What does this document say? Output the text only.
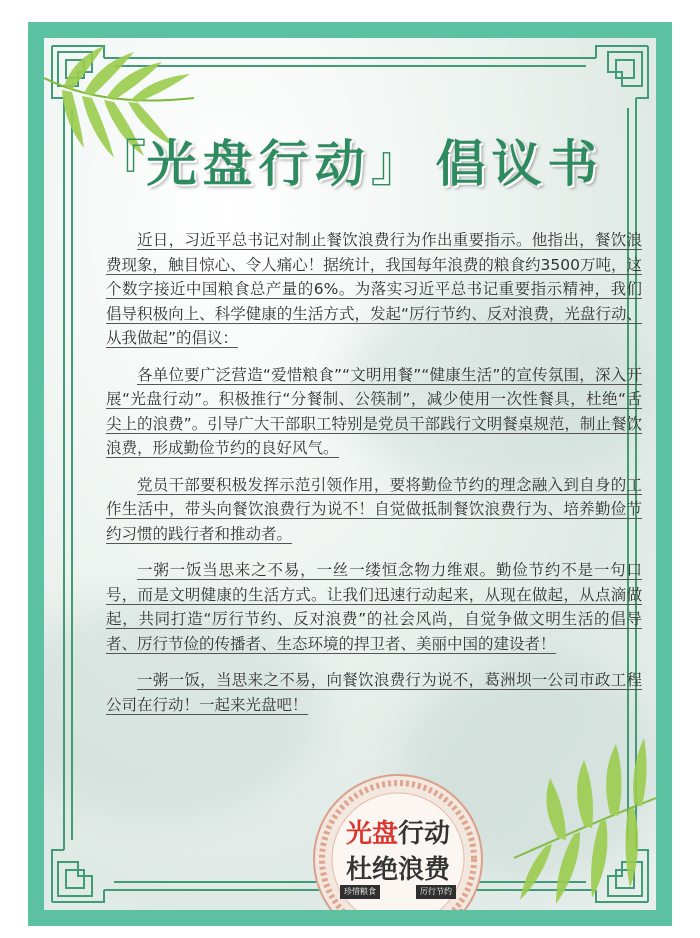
『光盘行动』 倡议书

近日，习近平总书记对制止餐饮浪费行为作出重要指示。他指出，餐饮浪费现象，触目惊心、令人痛心！据统计，我国每年浪费的粮食约3500万吨，这个数字接近中国粮食总产量的6%。为落实习近平总书记重要指示精神，我们倡导积极向上、科学健康的生活方式，发起“厉行节约、反对浪费，光盘行动、从我做起”的倡议：

各单位要广泛营造“爱惜粮食”“文明用餐”“健康生活”的宣传氛围，深入开展“光盘行动”。积极推行“分餐制、公筷制”，减少使用一次性餐具，杜绝“舌尖上的浪费”。引导广大干部职工特别是党员干部践行文明餐桌规范，制止餐饮浪费，形成勤俭节约的良好风气。

党员干部要积极发挥示范引领作用，要将勤俭节约的理念融入到自身的工作生活中，带头向餐饮浪费行为说不！自觉做抵制餐饮浪费行为、培养勤俭节约习惯的践行者和推动者。

一粥一饭当思来之不易，一丝一缕恒念物力维艰。勤俭节约不是一句口号，而是文明健康的生活方式。让我们迅速行动起来，从现在做起，从点滴做起，共同打造“厉行节约、反对浪费”的社会风尚，自觉争做文明生活的倡导者、厉行节俭的传播者、生态环境的捍卫者、美丽中国的建设者！

一粥一饭，当思来之不易，向餐饮浪费行为说不，葛洲坝一公司市政工程公司在行动！一起来光盘吧！

光盘行动
杜绝浪费
珍惜粮食	厉行节约
